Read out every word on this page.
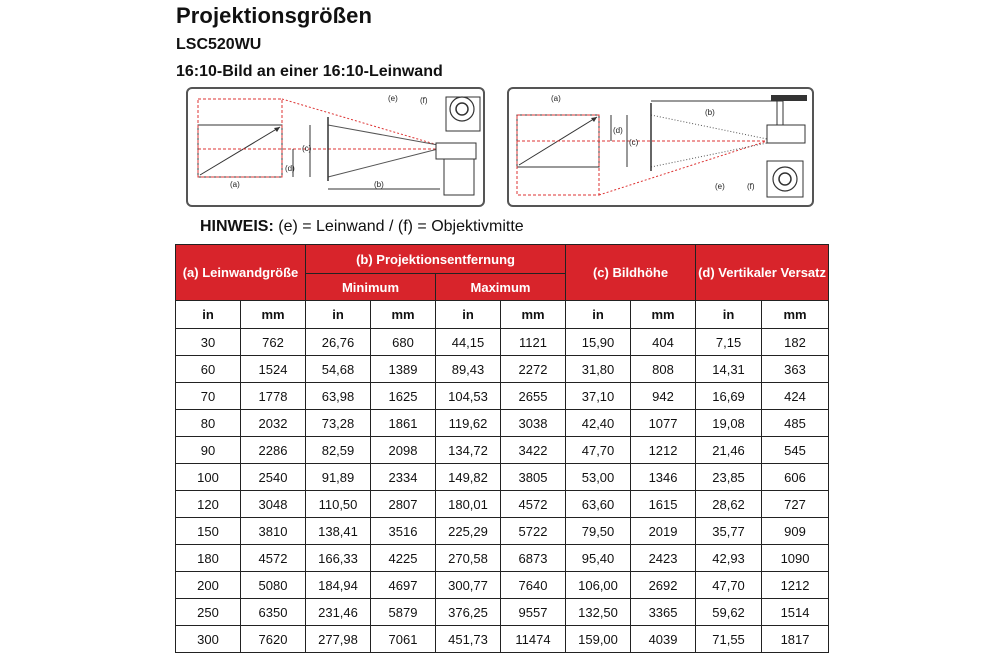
Projektionsgrößen
LSC520WU
16:10-Bild an einer 16:10-Leinwand
(e)	(f)
(c)
(d)
(a)	(b)
(a)
(b)
(d)
(c)
(e)	(f)
HINWEIS: (e) = Leinwand / (f) = Objektivmitte
(a) Leinwandgröße		(b) Projektionsentfernung				(c) Bildhöhe		(d) Vertikaler Versatz	
		Minimum		Maximum					
in	mm	in	mm	in	mm	in	mm	in	mm
30	762	26,76	680	44,15	1121	15,90	404	7,15	182
60	1524	54,68	1389	89,43	2272	31,80	808	14,31	363
70	1778	63,98	1625	104,53	2655	37,10	942	16,69	424
80	2032	73,28	1861	119,62	3038	42,40	1077	19,08	485
90	2286	82,59	2098	134,72	3422	47,70	1212	21,46	545
100	2540	91,89	2334	149,82	3805	53,00	1346	23,85	606
120	3048	110,50	2807	180,01	4572	63,60	1615	28,62	727
150	3810	138,41	3516	225,29	5722	79,50	2019	35,77	909
180	4572	166,33	4225	270,58	6873	95,40	2423	42,93	1090
200	5080	184,94	4697	300,77	7640	106,00	2692	47,70	1212
250	6350	231,46	5879	376,25	9557	132,50	3365	59,62	1514
300	7620	277,98	7061	451,73	11474	159,00	4039	71,55	1817
